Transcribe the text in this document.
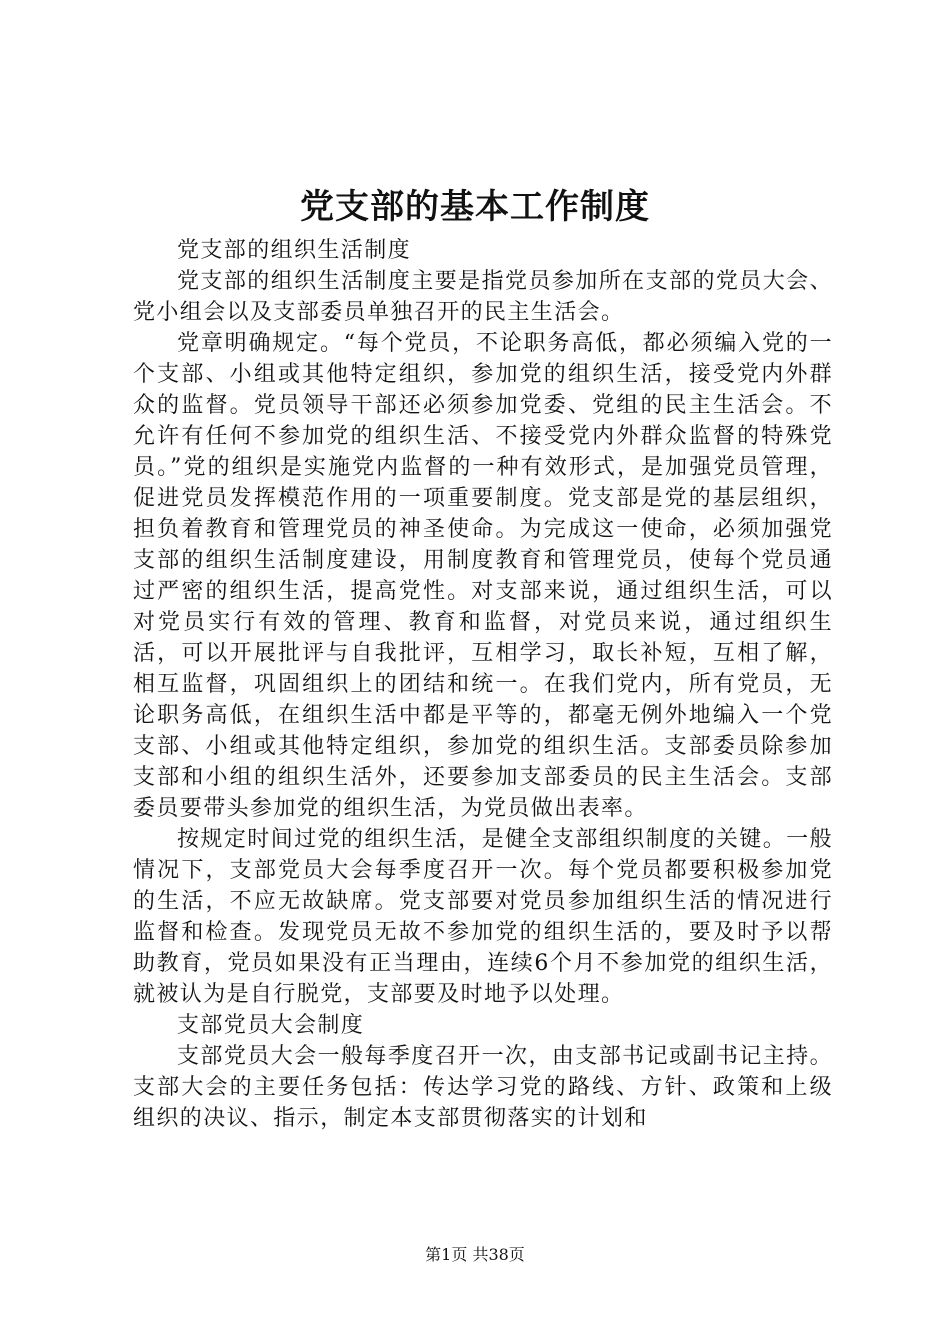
党支部的基本工作制度

党支部的组织生活制度

党支部的组织生活制度主要是指党员参加所在支部的党员大会、党小组会以及支部委员单独召开的民主生活会。

党章明确规定。“每个党员，不论职务高低，都必须编入党的一个支部、小组或其他特定组织，参加党的组织生活，接受党内外群众的监督。党员领导干部还必须参加党委、党组的民主生活会。不允许有任何不参加党的组织生活、不接受党内外群众监督的特殊党员。”党的组织是实施党内监督的一种有效形式，是加强党员管理，促进党员发挥模范作用的一项重要制度。党支部是党的基层组织，担负着教育和管理党员的神圣使命。为完成这一使命，必须加强党支部的组织生活制度建设，用制度教育和管理党员，使每个党员通过严密的组织生活，提高党性。对支部来说，通过组织生活，可以对党员实行有效的管理、教育和监督，对党员来说，通过组织生活，可以开展批评与自我批评，互相学习，取长补短，互相了解，相互监督，巩固组织上的团结和统一。在我们党内，所有党员，无论职务高低，在组织生活中都是平等的，都毫无例外地编入一个党支部、小组或其他特定组织，参加党的组织生活。支部委员除参加支部和小组的组织生活外，还要参加支部委员的民主生活会。支部委员要带头参加党的组织生活，为党员做出表率。

按规定时间过党的组织生活，是健全支部组织制度的关键。一般情况下，支部党员大会每季度召开一次。每个党员都要积极参加党的生活，不应无故缺席。党支部要对党员参加组织生活的情况进行监督和检查。发现党员无故不参加党的组织生活的，要及时予以帮助教育，党员如果没有正当理由，连续6个月不参加党的组织生活，就被认为是自行脱党，支部要及时地予以处理。

支部党员大会制度

支部党员大会一般每季度召开一次，由支部书记或副书记主持。支部大会的主要任务包括：传达学习党的路线、方针、政策和上级组织的决议、指示，制定本支部贯彻落实的计划和

第1页 共38页
